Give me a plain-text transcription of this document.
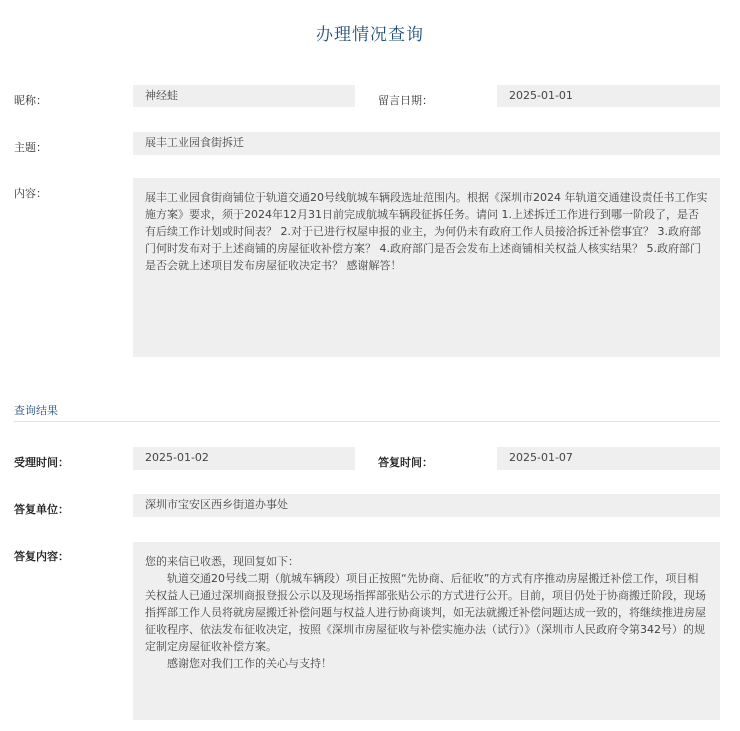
办理情况查询
昵称：	神经蛙	留言日期：	2025-01-01
主题：	展丰工业园食街拆迁
内容：	展丰工业园食街商铺位于轨道交通20号线航城车辆段选址范围内。根据《深圳市2024 年轨道交通建设责任书工作实施方案》要求，须于2024年12月31日前完成航城车辆段征拆任务。请问 1.上述拆迁工作进行到哪一阶段了，是否有后续工作计划或时间表？ 2.对于已进行权屋申报的业主，为何仍未有政府工作人员接洽拆迁补偿事宜？ 3.政府部门何时发布对于上述商铺的房屋征收补偿方案？ 4.政府部门是否会发布上述商铺相关权益人核实结果？ 5.政府部门是否会就上述项目发布房屋征收决定书？ 感谢解答！
查询结果
受理时间：	2025-01-02	答复时间：	2025-01-07
答复单位：	深圳市宝安区西乡街道办事处
答复内容：	您的来信已收悉，现回复如下：

轨道交通20号线二期（航城车辆段）项目正按照“先协商、后征收”的方式有序推动房屋搬迁补偿工作，项目相关权益人已通过深圳商报登报公示以及现场指挥部张贴公示的方式进行公开。目前，项目仍处于协商搬迁阶段，现场指挥部工作人员将就房屋搬迁补偿问题与权益人进行协商谈判，如无法就搬迁补偿问题达成一致的，将继续推进房屋征收程序、依法发布征收决定，按照《深圳市房屋征收与补偿实施办法（试行）》（深圳市人民政府令第342号）的规定制定房屋征收补偿方案。

感谢您对我们工作的关心与支持！
